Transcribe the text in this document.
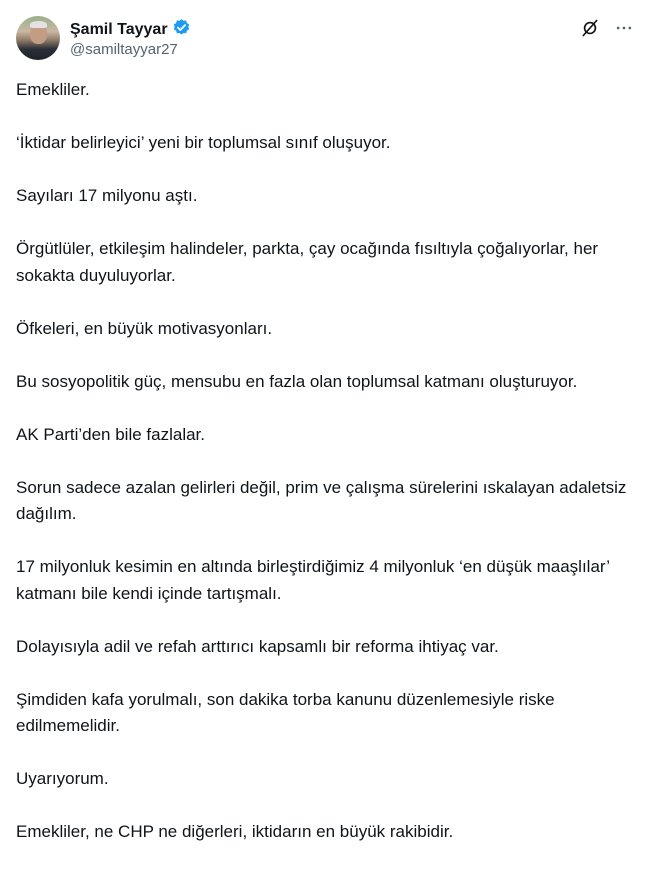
Şamil Tayyar
@samiltayyar27

Emekliler.

‘İktidar belirleyici’ yeni bir toplumsal sınıf oluşuyor.

Sayıları 17 milyonu aştı.

Örgütlüler, etkileşim halindeler, parkta, çay ocağında fısıltıyla çoğalıyorlar, her sokakta duyuluyorlar.

Öfkeleri, en büyük motivasyonları.

Bu sosyopolitik güç, mensubu en fazla olan toplumsal katmanı oluşturuyor.

AK Parti’den bile fazlalar.

Sorun sadece azalan gelirleri değil, prim ve çalışma sürelerini ıskalayan adaletsiz dağılım.

17 milyonluk kesimin en altında birleştirdiğimiz 4 milyonluk ‘en düşük maaşlılar’ katmanı bile kendi içinde tartışmalı.

Dolayısıyla adil ve refah arttırıcı kapsamlı bir reforma ihtiyaç var.

Şimdiden kafa yorulmalı, son dakika torba kanunu düzenlemesiyle riske edilmemelidir.

Uyarıyorum.

Emekliler, ne CHP ne diğerleri, iktidarın en büyük rakibidir.
